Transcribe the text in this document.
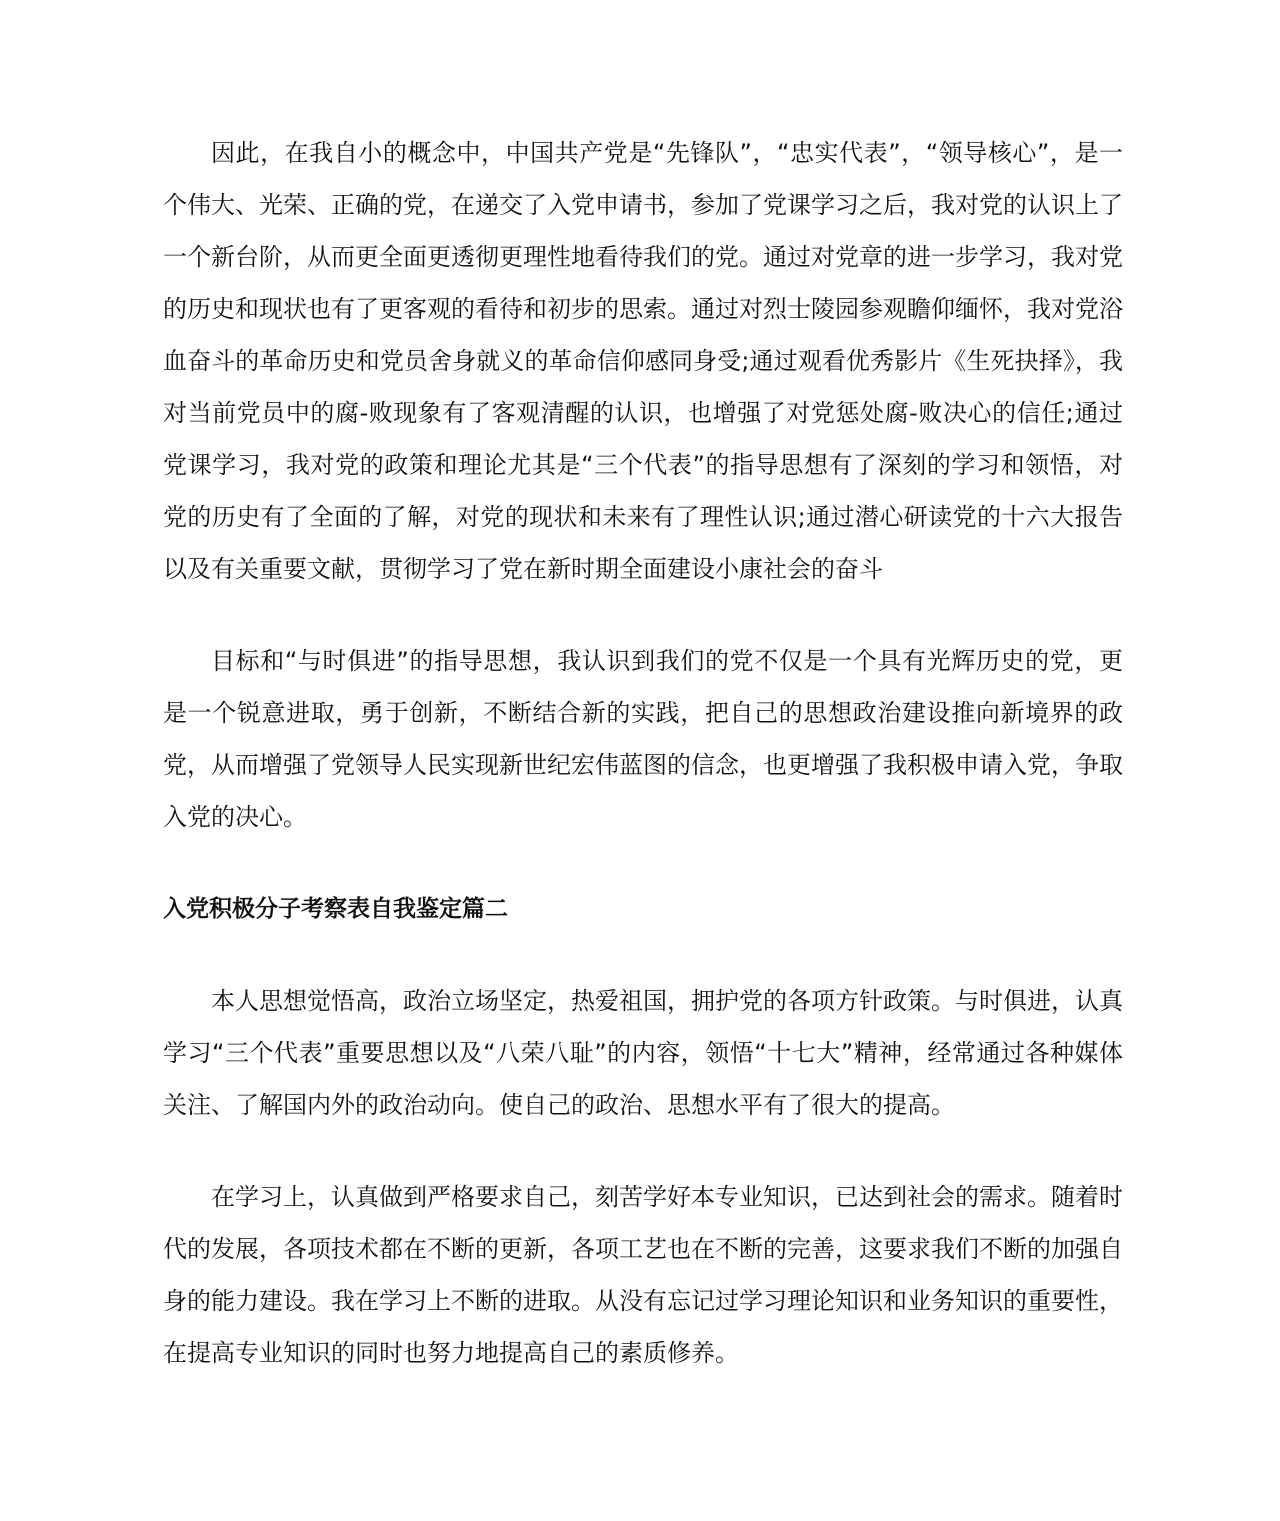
因此，在我自小的概念中，中国共产党是“先锋队”，“忠实代表”，“领导核心”，是一个伟大、光荣、正确的党，在递交了入党申请书，参加了党课学习之后，我对党的认识上了一个新台阶，从而更全面更透彻更理性地看待我们的党。通过对党章的进一步学习，我对党的历史和现状也有了更客观的看待和初步的思索。通过对烈士陵园参观瞻仰缅怀，我对党浴血奋斗的革命历史和党员舍身就义的革命信仰感同身受;通过观看优秀影片《生死抉择》，我对当前党员中的腐-败现象有了客观清醒的认识，也增强了对党惩处腐-败决心的信任;通过党课学习，我对党的政策和理论尤其是“三个代表”的指导思想有了深刻的学习和领悟，对党的历史有了全面的了解，对党的现状和未来有了理性认识;通过潜心研读党的十六大报告以及有关重要文献，贯彻学习了党在新时期全面建设小康社会的奋斗

目标和“与时俱进”的指导思想，我认识到我们的党不仅是一个具有光辉历史的党，更是一个锐意进取，勇于创新，不断结合新的实践，把自己的思想政治建设推向新境界的政党，从而增强了党领导人民实现新世纪宏伟蓝图的信念，也更增强了我积极申请入党，争取入党的决心。

入党积极分子考察表自我鉴定篇二

本人思想觉悟高，政治立场坚定，热爱祖国，拥护党的各项方针政策。与时俱进，认真学习“三个代表”重要思想以及“八荣八耻”的内容，领悟“十七大”精神，经常通过各种媒体关注、了解国内外的政治动向。使自己的政治、思想水平有了很大的提高。

在学习上，认真做到严格要求自己，刻苦学好本专业知识，已达到社会的需求。随着时代的发展，各项技术都在不断的更新，各项工艺也在不断的完善，这要求我们不断的加强自身的能力建设。我在学习上不断的进取。从没有忘记过学习理论知识和业务知识的重要性，在提高专业知识的同时也努力地提高自己的素质修养。
